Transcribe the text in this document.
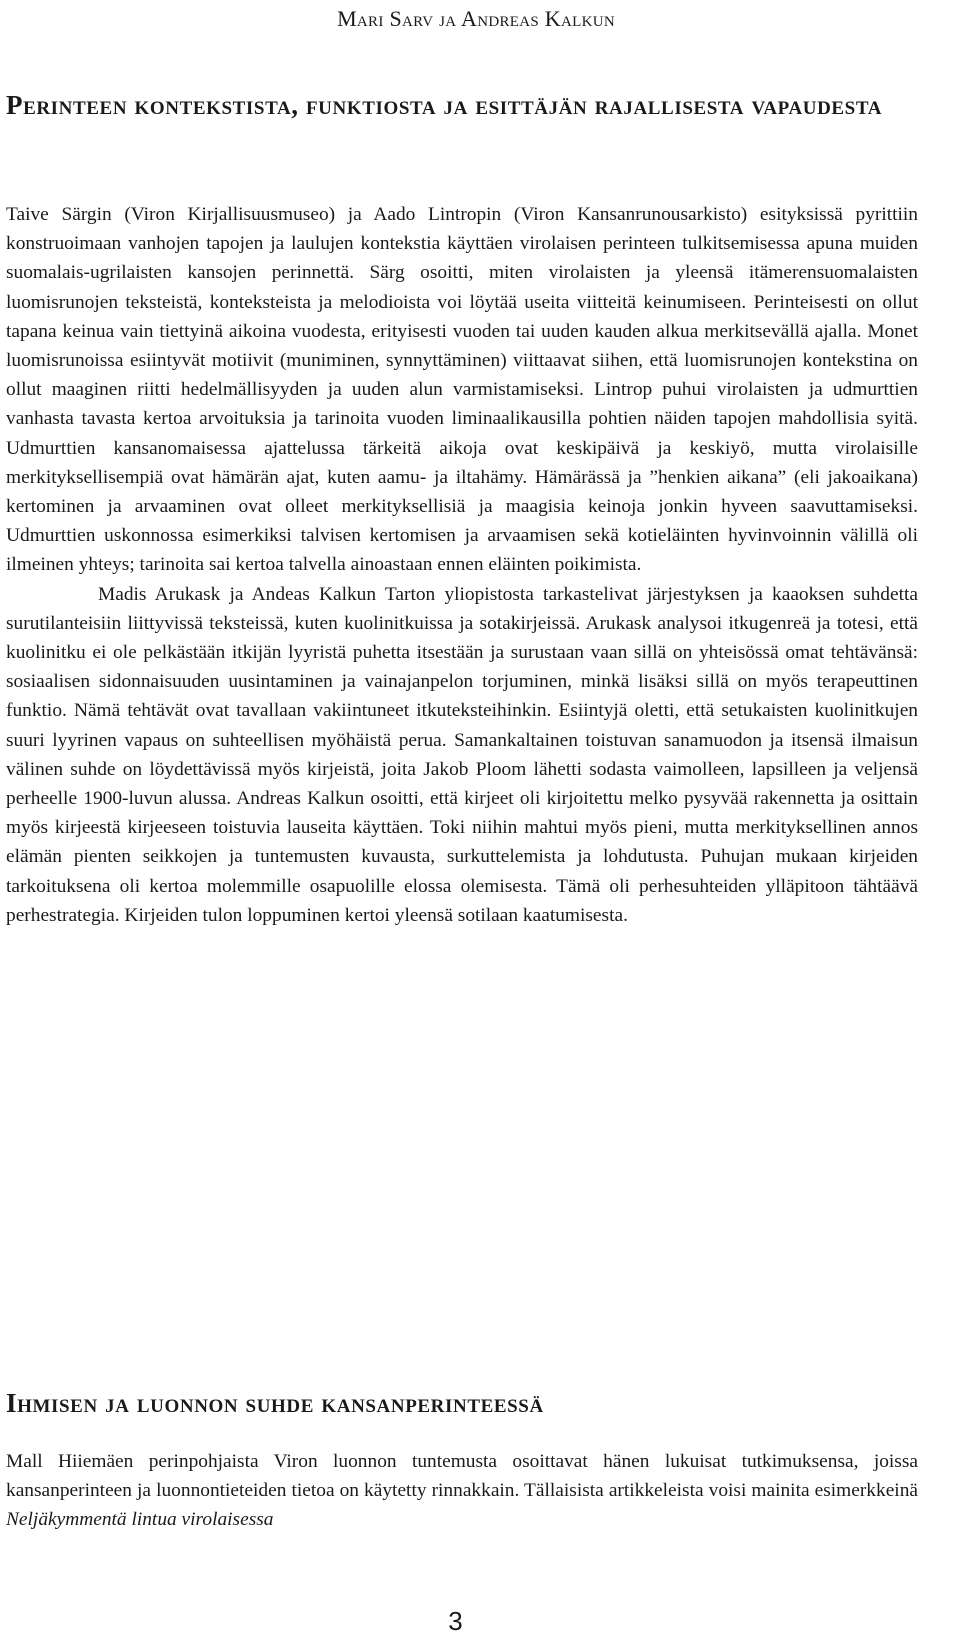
Mari Sarv ja Andreas Kalkun
Perinteen kontekstista, funktiosta ja esittäjän rajallisesta vapaudesta

Taive Särgin (Viron Kirjallisuusmuseo) ja Aado Lintropin (Viron Kansanrunousarkisto) esityksissä pyrittiin konstruoimaan vanhojen tapojen ja laulujen kontekstia käyttäen virolaisen perinteen tulkitsemisessa apuna muiden suomalais-ugrilaisten kansojen perinnettä. Särg osoitti, miten virolaisten ja yleensä itämerensuomalaisten luomisrunojen teksteistä, konteksteista ja melodioista voi löytää useita viitteitä keinumiseen. Perinteisesti on ollut tapana keinua vain tiettyinä aikoina vuodesta, erityisesti vuoden tai uuden kauden alkua merkitsevällä ajalla. Monet luomisrunoissa esiintyvät motiivit (muniminen, synnyttäminen) viittaavat siihen, että luomisrunojen kontekstina on ollut maaginen riitti hedelmällisyyden ja uuden alun varmistamiseksi. Lintrop puhui virolaisten ja udmurttien vanhasta tavasta kertoa arvoituksia ja tarinoita vuoden liminaalikausilla pohtien näiden tapojen mahdollisia syitä. Udmurttien kansanomaisessa ajattelussa tärkeitä aikoja ovat keskipäivä ja keskiyö, mutta virolaisille merkityksellisempiä ovat hämärän ajat, kuten aamu- ja iltahämy. Hämärässä ja ”henkien aikana” (eli jakoaikana) kertominen ja arvaaminen ovat olleet merkityksellisiä ja maagisia keinoja jonkin hyveen saavuttamiseksi. Udmurttien uskonnossa esimerkiksi talvisen kertomisen ja arvaamisen sekä kotieläinten hyvinvoinnin välillä oli ilmeinen yhteys; tarinoita sai kertoa talvella ainoastaan ennen eläinten poikimista.

Madis Arukask ja Andeas Kalkun Tarton yliopistosta tarkastelivat järjestyksen ja kaaoksen suhdetta surutilanteisiin liittyvissä teksteissä, kuten kuolinitkuissa ja sotakirjeissä. Arukask analysoi itkugenreä ja totesi, että kuolinitku ei ole pelkästään itkijän lyyristä puhetta itsestään ja surustaan vaan sillä on yhteisössä omat tehtävänsä: sosiaalisen sidonnaisuuden uusintaminen ja vainajanpelon torjuminen, minkä lisäksi sillä on myös terapeuttinen funktio. Nämä tehtävät ovat tavallaan vakiintuneet itkuteksteihinkin. Esiintyjä oletti, että setukaisten kuolinitkujen suuri lyyrinen vapaus on suhteellisen myöhäistä perua. Samankaltainen toistuvan sanamuodon ja itsensä ilmaisun välinen suhde on löydettävissä myös kirjeistä, joita Jakob Ploom lähetti sodasta vaimolleen, lapsilleen ja veljensä perheelle 1900-luvun alussa. Andreas Kalkun osoitti, että kirjeet oli kirjoitettu melko pysyvää rakennetta ja osittain myös kirjeestä kirjeeseen toistuvia lauseita käyttäen. Toki niihin mahtui myös pieni, mutta merkityksellinen annos elämän pienten seikkojen ja tuntemusten kuvausta, surkuttelemista ja lohdutusta. Puhujan mukaan kirjeiden tarkoituksena oli kertoa molemmille osapuolille elossa olemisesta. Tämä oli perhesuhteiden ylläpitoon tähtäävä perhestrategia. Kirjeiden tulon loppuminen kertoi yleensä sotilaan kaatumisesta.

Ihmisen ja luonnon suhde kansanperinteessä

Mall Hiiemäen perinpohjaista Viron luonnon tuntemusta osoittavat hänen lukuisat tutkimuksensa, joissa kansanperinteen ja luonnontieteiden tietoa on käytetty rinnakkain. Tällaisista artikkeleista voisi mainita esimerkkeinä Neljäkymmentä lintua virolaisessa

3
